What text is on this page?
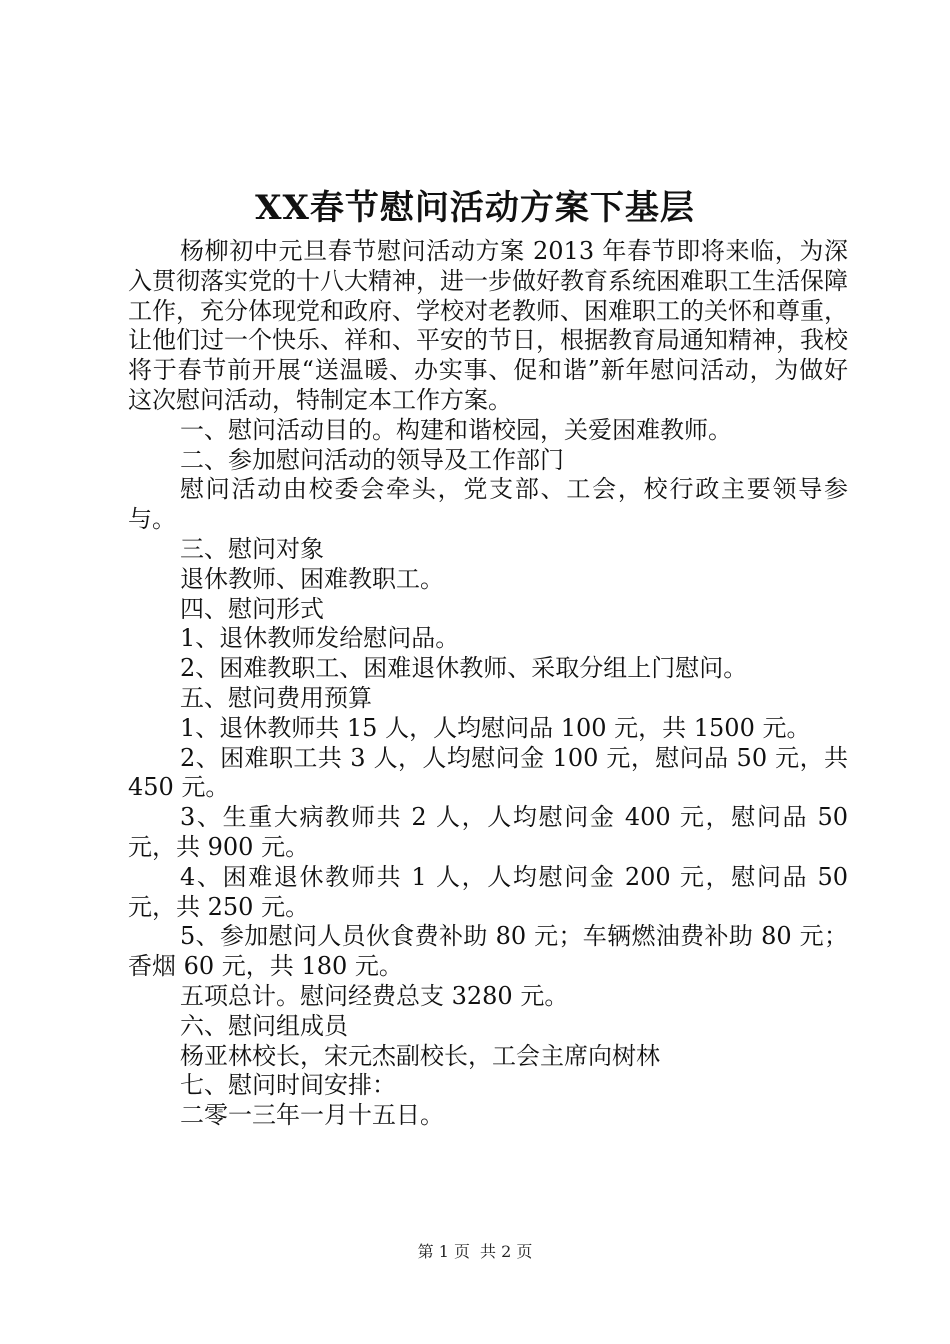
XX春节慰问活动方案下基层

杨柳初中元旦春节慰问活动方案 2013 年春节即将来临，为深入贯彻落实党的十八大精神，进一步做好教育系统困难职工生活保障工作，充分体现党和政府、学校对老教师、困难职工的关怀和尊重，让他们过一个快乐、祥和、平安的节日，根据教育局通知精神，我校将于春节前开展“送温暖、办实事、促和谐”新年慰问活动，为做好这次慰问活动，特制定本工作方案。

一、慰问活动目的。构建和谐校园，关爱困难教师。

二、参加慰问活动的领导及工作部门

慰问活动由校委会牵头，党支部、工会，校行政主要领导参与。

三、慰问对象

退休教师、困难教职工。

四、慰问形式

1、退休教师发给慰问品。

2、困难教职工、困难退休教师、采取分组上门慰问。

五、慰问费用预算

1、退休教师共 15 人，人均慰问品 100 元，共 1500 元。

2、困难职工共 3 人，人均慰问金 100 元，慰问品 50 元，共 450 元。

3、生重大病教师共 2 人，人均慰问金 400 元，慰问品 50 元，共 900 元。

4、困难退休教师共 1 人，人均慰问金 200 元，慰问品 50 元，共 250 元。

5、参加慰问人员伙食费补助 80 元；车辆燃油费补助 80 元；香烟 60 元，共 180 元。

五项总计。慰问经费总支 3280 元。

六、慰问组成员

杨亚林校长，宋元杰副校长，工会主席向树林

七、慰问时间安排：

二零一三年一月十五日。

第 1 页 共 2 页
